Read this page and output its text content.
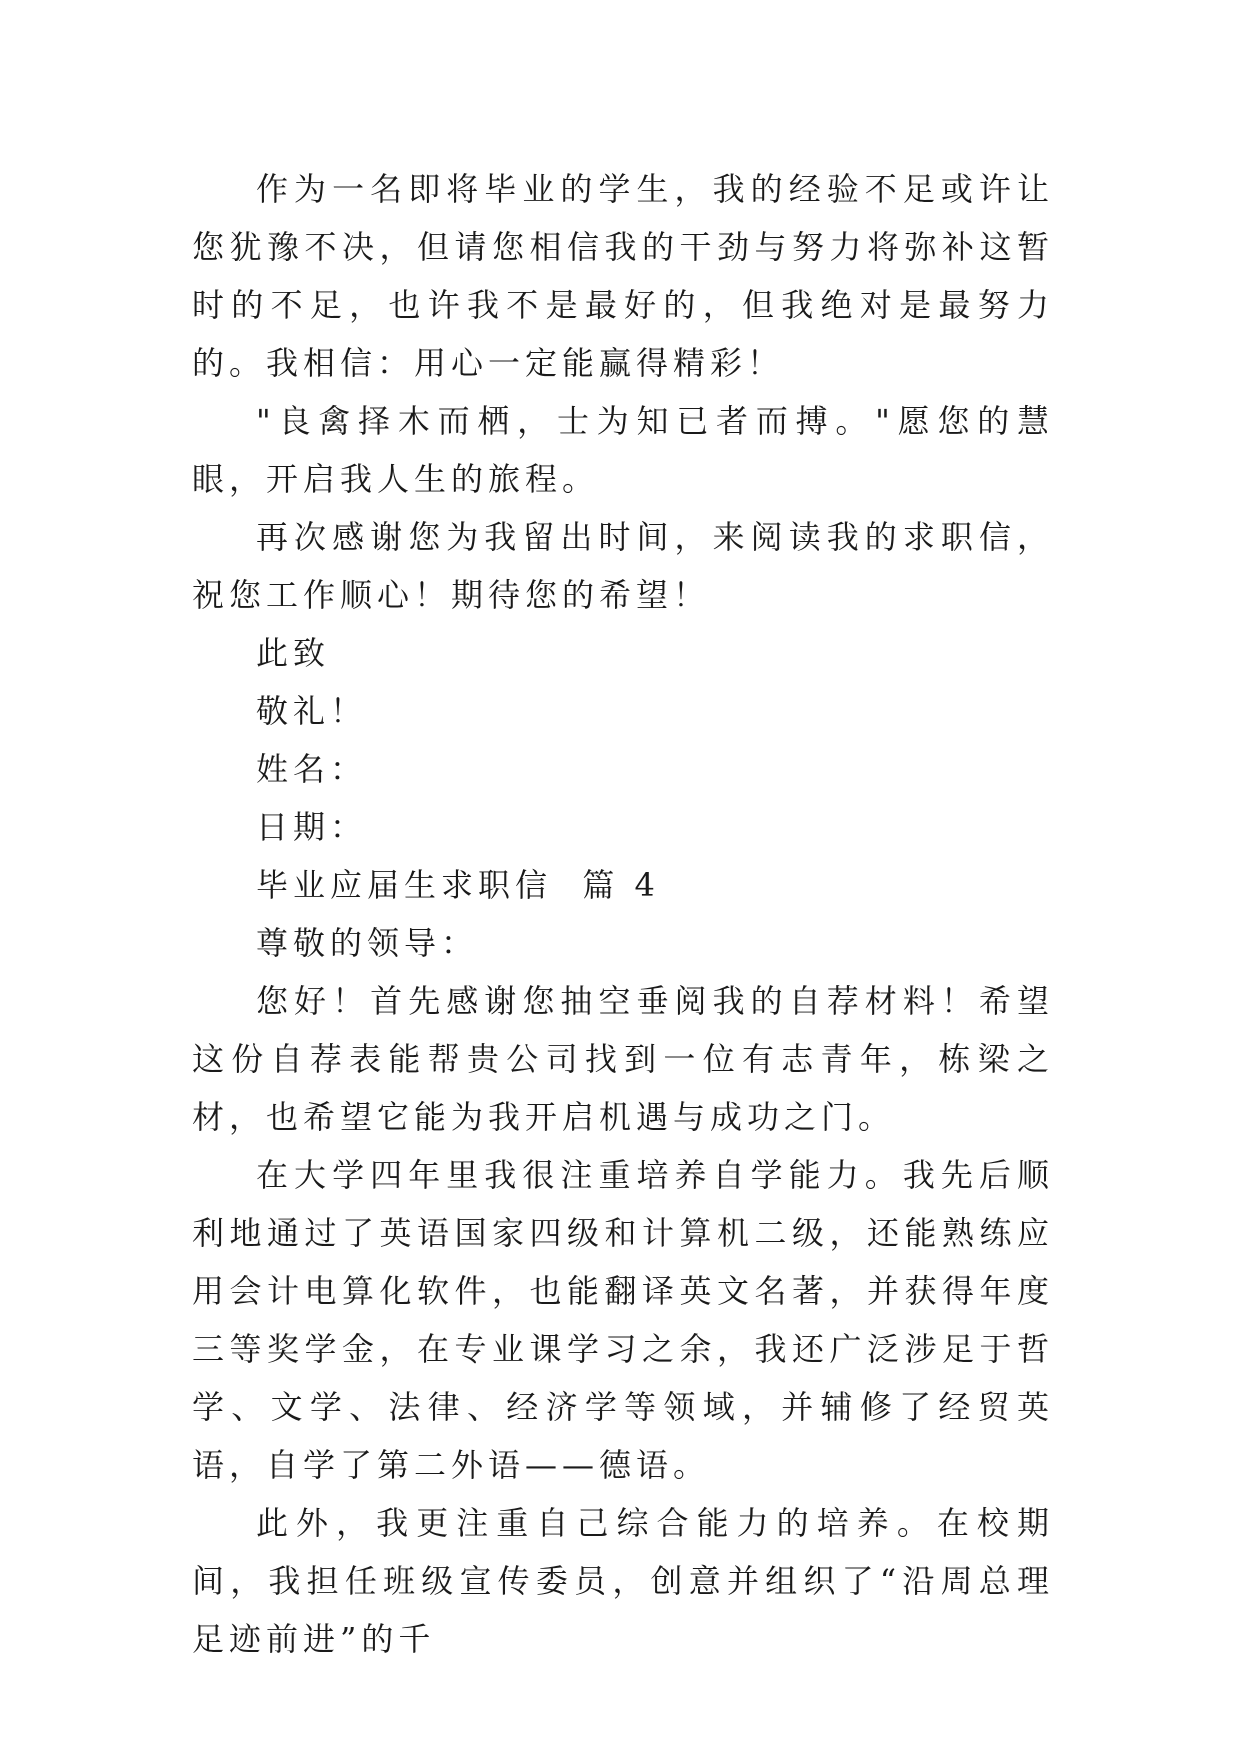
作为一名即将毕业的学生，我的经验不足或许让您犹豫不决，但请您相信我的干劲与努力将弥补这暂时的不足，也许我不是最好的，但我绝对是最努力的。我相信：用心一定能赢得精彩！

"良禽择木而栖，士为知已者而搏。"愿您的慧眼，开启我人生的旅程。

再次感谢您为我留出时间，来阅读我的求职信，祝您工作顺心！期待您的希望！

此致

敬礼！

姓名：

日期：

毕业应届生求职信  篇 4

尊敬的领导：

您好！首先感谢您抽空垂阅我的自荐材料！希望这份自荐表能帮贵公司找到一位有志青年，栋梁之材，也希望它能为我开启机遇与成功之门。

在大学四年里我很注重培养自学能力。我先后顺利地通过了英语国家四级和计算机二级，还能熟练应用会计电算化软件，也能翻译英文名著，并获得年度三等奖学金，在专业课学习之余，我还广泛涉足于哲学、文学、法律、经济学等领域，并辅修了经贸英语，自学了第二外语——德语。

此外，我更注重自己综合能力的培养。在校期间，我担任班级宣传委员，创意并组织了“沿周总理足迹前进”的千
